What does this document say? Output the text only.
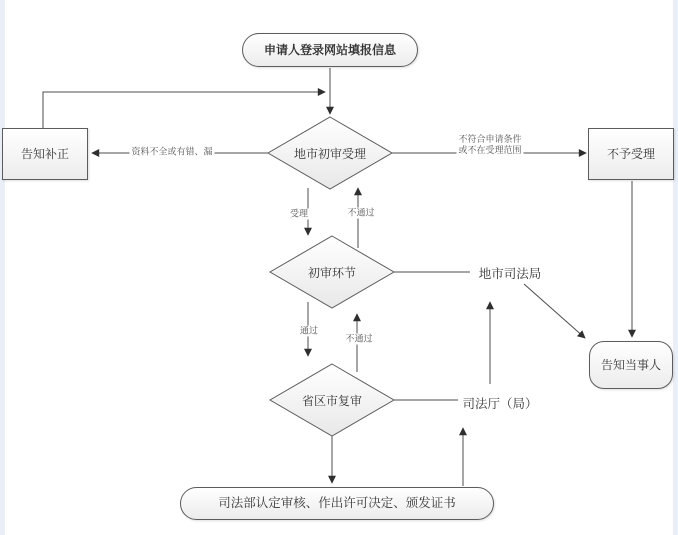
申请人登录网站填报信息
告知补正	不予受理
告知当事人
司法部认定审核、作出许可决定、颁发证书
地市初审受理
初审环节
省区市复审
地市司法局
司法厅（局）
资料不全或有错、漏
不符合申请条件
或不在受理范围
受理	不通过
通过
不通过
